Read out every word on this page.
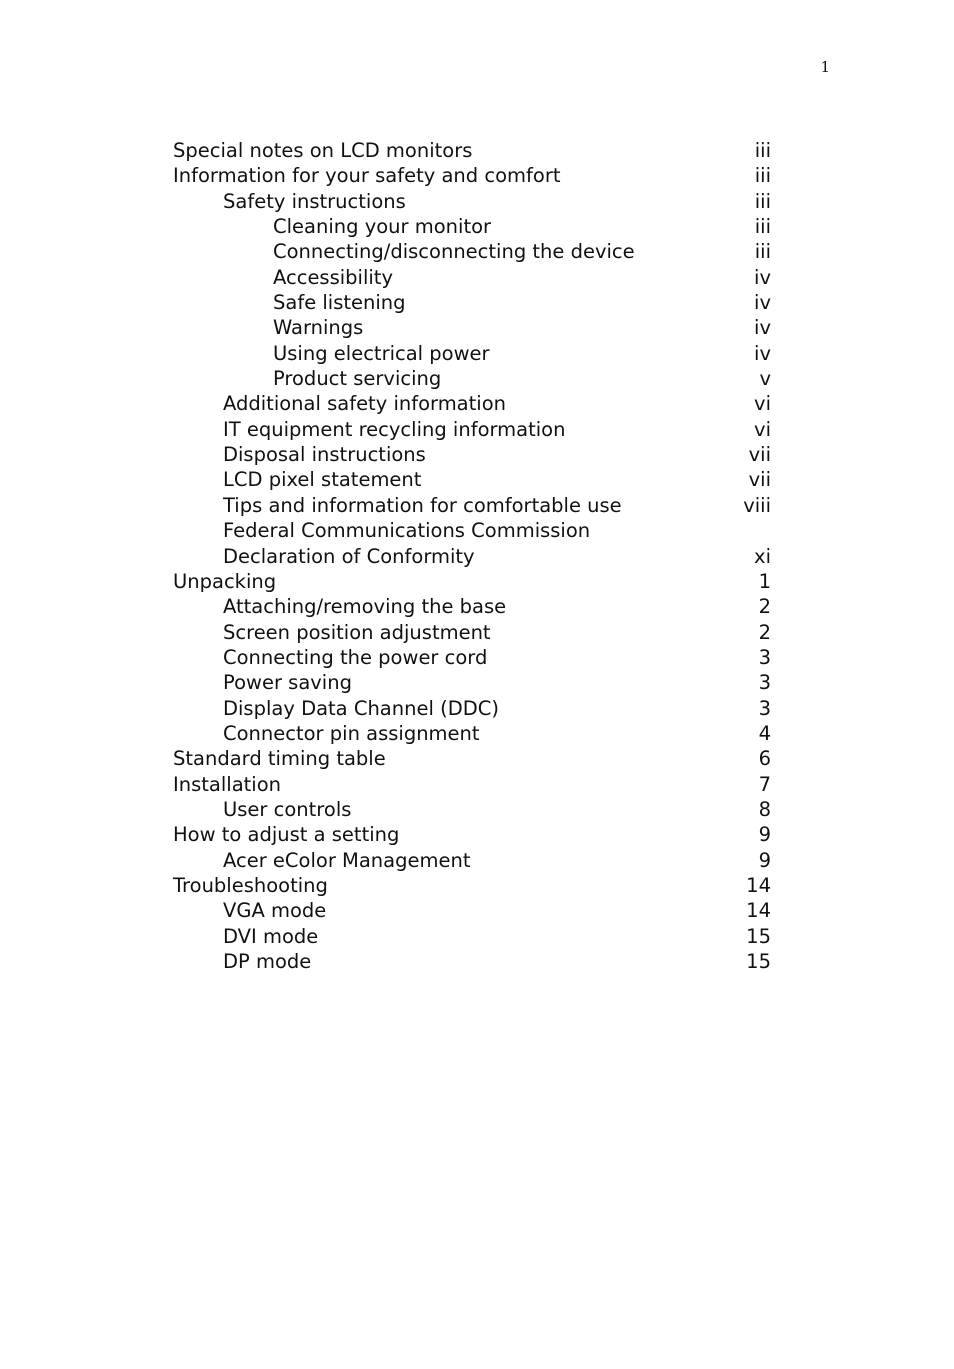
1
Special notes on LCD monitors	iii
Information for your safety and comfort	iii
Safety instructions	iii
Cleaning your monitor	iii
Connecting/disconnecting the device	iii
Accessibility	iv
Safe listening	iv
Warnings	iv
Using electrical power	iv
Product servicing	v
Additional safety information	vi
IT equipment recycling information	vi
Disposal instructions	vii
LCD pixel statement	vii
Tips and information for comfortable use	viii
Federal Communications Commission
Declaration of Conformity	xi
Unpacking	1
Attaching/removing the base	2
Screen position adjustment	2
Connecting the power cord	3
Power saving	3
Display Data Channel (DDC)	3
Connector pin assignment	4
Standard timing table	6
Installation	7
User controls	8
How to adjust a setting	9
Acer eColor Management	9
Troubleshooting	14
VGA mode	14
DVI mode	15
DP mode	15
